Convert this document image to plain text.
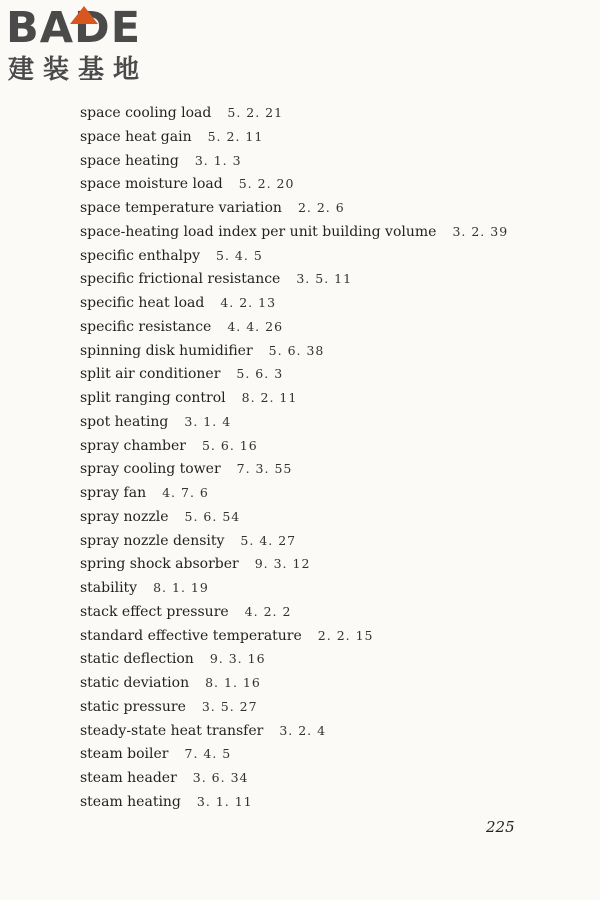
BADE
建装基地
space cooling load 5. 2. 21
space heat gain 5. 2. 11
space heating 3. 1. 3
space moisture load 5. 2. 20
space temperature variation 2. 2. 6
space-heating load index per unit building volume 3. 2. 39
specific enthalpy 5. 4. 5
specific frictional resistance 3. 5. 11
specific heat load 4. 2. 13
specific resistance 4. 4. 26
spinning disk humidifier 5. 6. 38
split air conditioner 5. 6. 3
split ranging control 8. 2. 11
spot heating 3. 1. 4
spray chamber 5. 6. 16
spray cooling tower 7. 3. 55
spray fan 4. 7. 6
spray nozzle 5. 6. 54
spray nozzle density 5. 4. 27
spring shock absorber 9. 3. 12
stability 8. 1. 19
stack effect pressure 4. 2. 2
standard effective temperature 2. 2. 15
static deflection 9. 3. 16
static deviation 8. 1. 16
static pressure 3. 5. 27
steady-state heat transfer 3. 2. 4
steam boiler 7. 4. 5
steam header 3. 6. 34
steam heating 3. 1. 11
225
